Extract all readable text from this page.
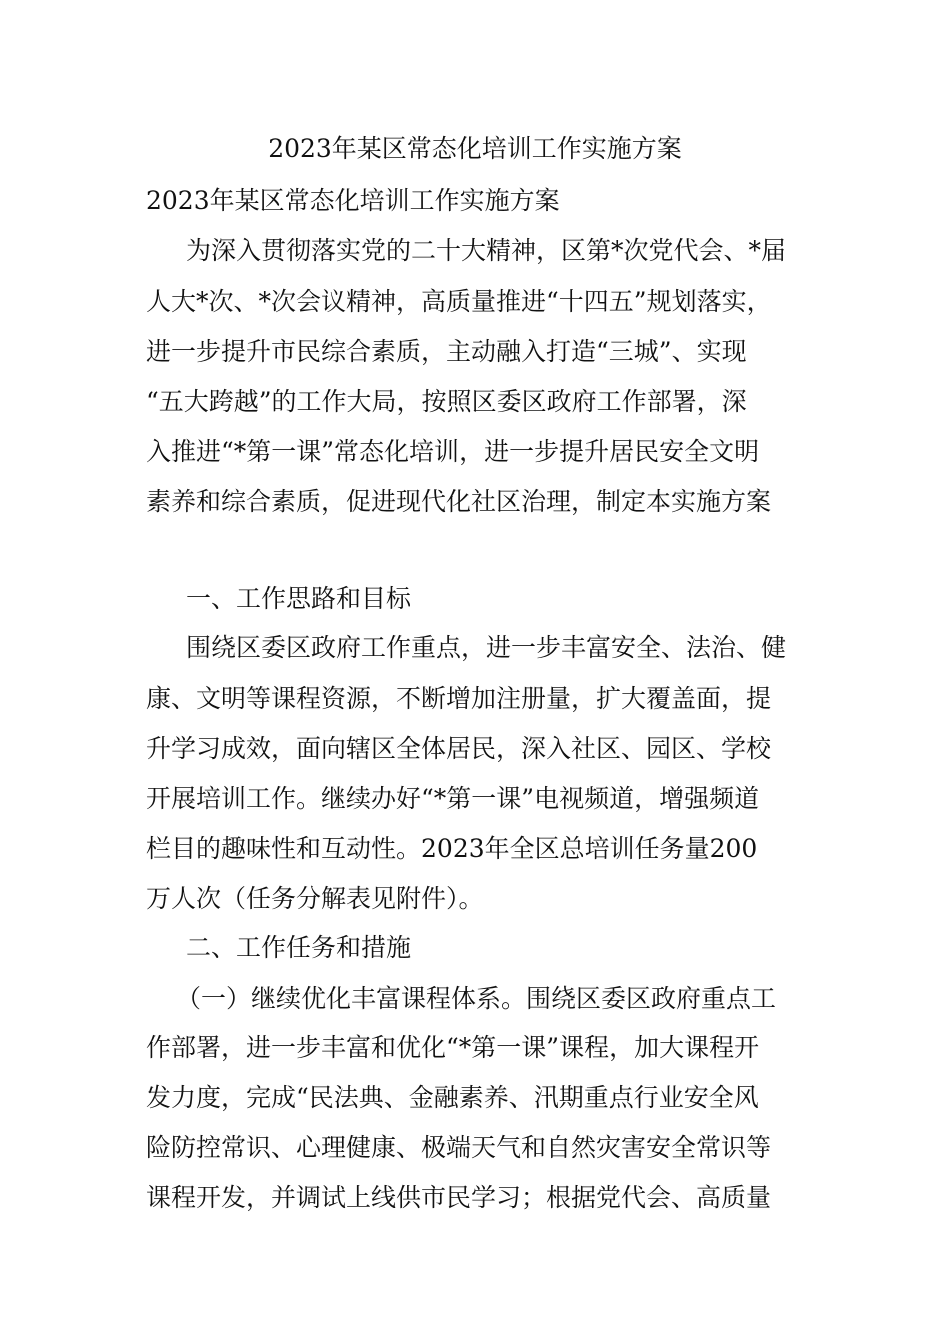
2023年某区常态化培训工作实施方案
2023年某区常态化培训工作实施方案
为深入贯彻落实党的二十大精神，区第*次党代会、*届
人大*次、*次会议精神，高质量推进“十四五”规划落实，
进一步提升市民综合素质，主动融入打造“三城”、实现
“五大跨越”的工作大局，按照区委区政府工作部署，深
入推进“*第一课”常态化培训，进一步提升居民安全文明
素养和综合素质，促进现代化社区治理，制定本实施方案
一、工作思路和目标
围绕区委区政府工作重点，进一步丰富安全、法治、健
康、文明等课程资源，不断增加注册量，扩大覆盖面，提
升学习成效，面向辖区全体居民，深入社区、园区、学校
开展培训工作。继续办好“*第一课”电视频道，增强频道
栏目的趣味性和互动性。2023年全区总培训任务量200
万人次（任务分解表见附件）。
二、工作任务和措施
（一）继续优化丰富课程体系。围绕区委区政府重点工
作部署，进一步丰富和优化“*第一课”课程，加大课程开
发力度，完成“民法典、金融素养、汛期重点行业安全风
险防控常识、心理健康、极端天气和自然灾害安全常识等
课程开发，并调试上线供市民学习；根据党代会、高质量
